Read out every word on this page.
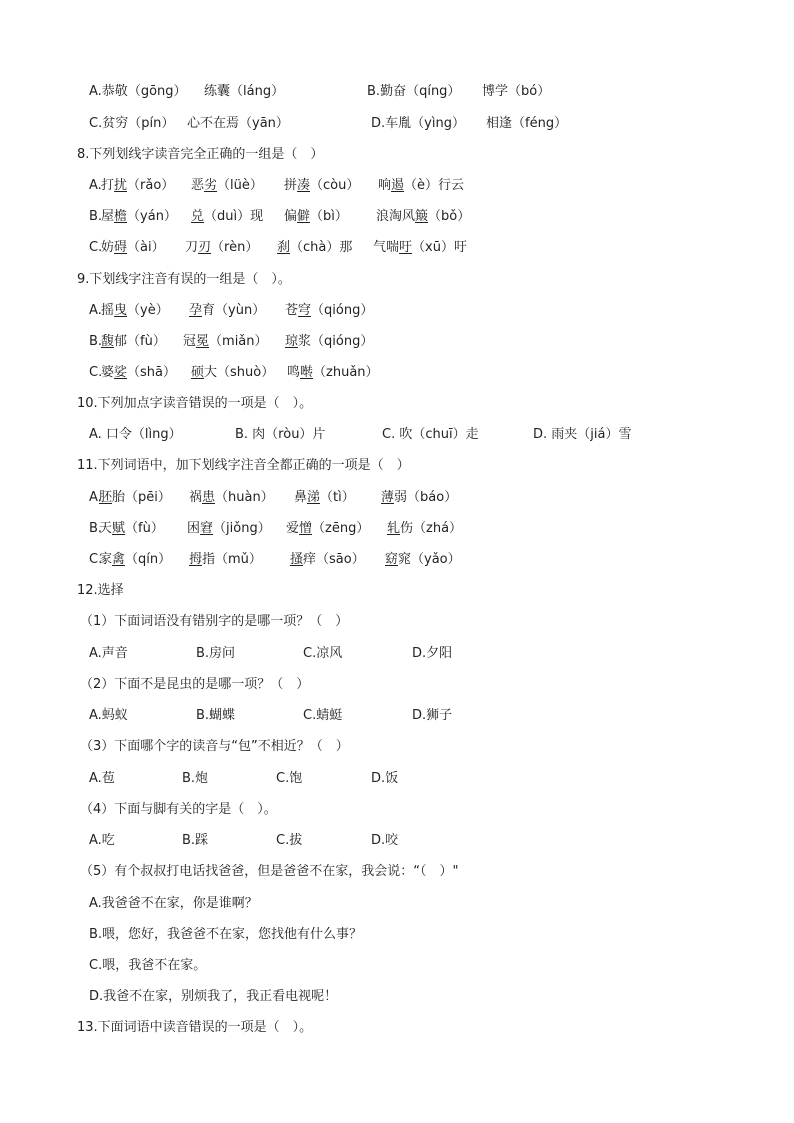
A.恭敬（gōng） 练囊（láng）	B.勤奋（qíng） 博学（bó）
C.贫穷（pín） 心不在焉（yān）	D.车胤（yìng） 相逢（féng）
8.下列划线字读音完全正确的一组是（　）
A. 打扰（rǎo） 恶劣（lüè） 拼凑（còu） 响遏（è）行云
B.
屋檐（yán） 兑（duì）现 偏僻（bì） 浪淘风簸（bǒ）
C.
妨碍（ài） 刀刃（rèn） 刹（chà）那 气喘吁（xū）吁
9.下划线字注音有误的一组是（　）。
A. 摇曳（yè） 孕育（yùn） 苍穹（qióng）
B.
馥郁（fù） 冠冕（miǎn） 琼浆（qióng）
C.
婆娑（shā） 硕大（shuò） 鸣啭（zhuǎn）
10.下列加点字读音错误的一项是（　）。
A. 口令（lìng）	B. 肉（ròu）片	C. 吹（chuī）走	D. 雨夹（jiá）雪
11.下列词语中，加下划线字注音全都正确的一项是（　）
A.
胚胎（pēi） 祸患（huàn） 鼻涕（tì） 薄弱（báo）
B.
天赋（fù） 困窘（jiǒng） 爱憎（zēng） 轧伤（zhá）
C.
家禽（qín） 拇指（mǔ） 搔痒（sāo） 窈窕（yǎo）
12.选择
（1）下面词语没有错别字的是哪一项？（　）
A.声音	B.房问	C.凉风	D.夕阳
（2）下面不是昆虫的是哪一项？（　）
A.蚂蚁	B.蝴蝶	C.蜻蜓	D.狮子
（3）下面哪个字的读音与“包”不相近？（　）
A.苞	B.炮	C.饱	D.饭
（4）下面与脚有关的字是（　）。
A.吃	B.踩	C.拔	D.咬
（5）有个叔叔打电话找爸爸，但是爸爸不在家，我会说：“（　）"
A.我爸爸不在家，你是谁啊？
B.喂，您好，我爸爸不在家，您找他有什么事？
C.喂，我爸不在家。
D.我爸不在家，别烦我了，我正看电视呢！
13.下面词语中读音错误的一项是（　）。
